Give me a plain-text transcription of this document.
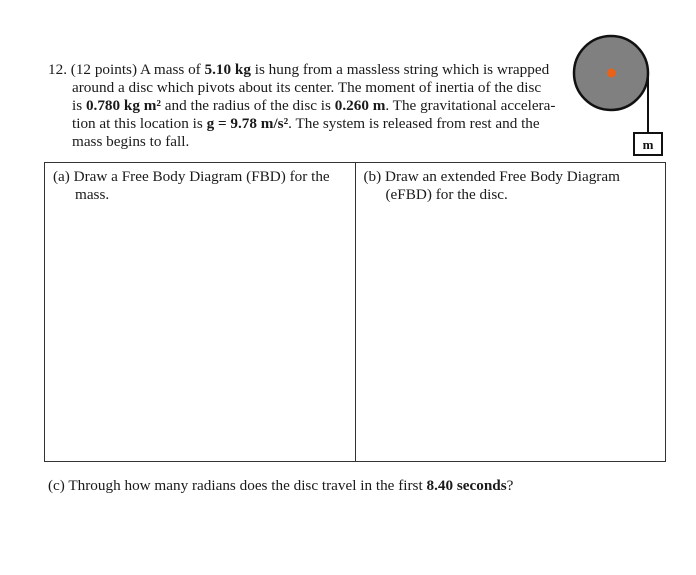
12. (12 points) A mass of 5.10 kg is hung from a massless string which is wrapped
around a disc which pivots about its center. The moment of inertia of the disc
is 0.780 kg m² and the radius of the disc is 0.260 m. The gravitational accelera-
tion at this location is g = 9.78 m/s². The system is released from rest and the
mass begins to fall.	m
(a) Draw a Free Body Diagram (FBD) for the
mass.
(b) Draw an extended Free Body Diagram
(eFBD) for the disc.
(c) Through how many radians does the disc travel in the first 8.40 seconds?
